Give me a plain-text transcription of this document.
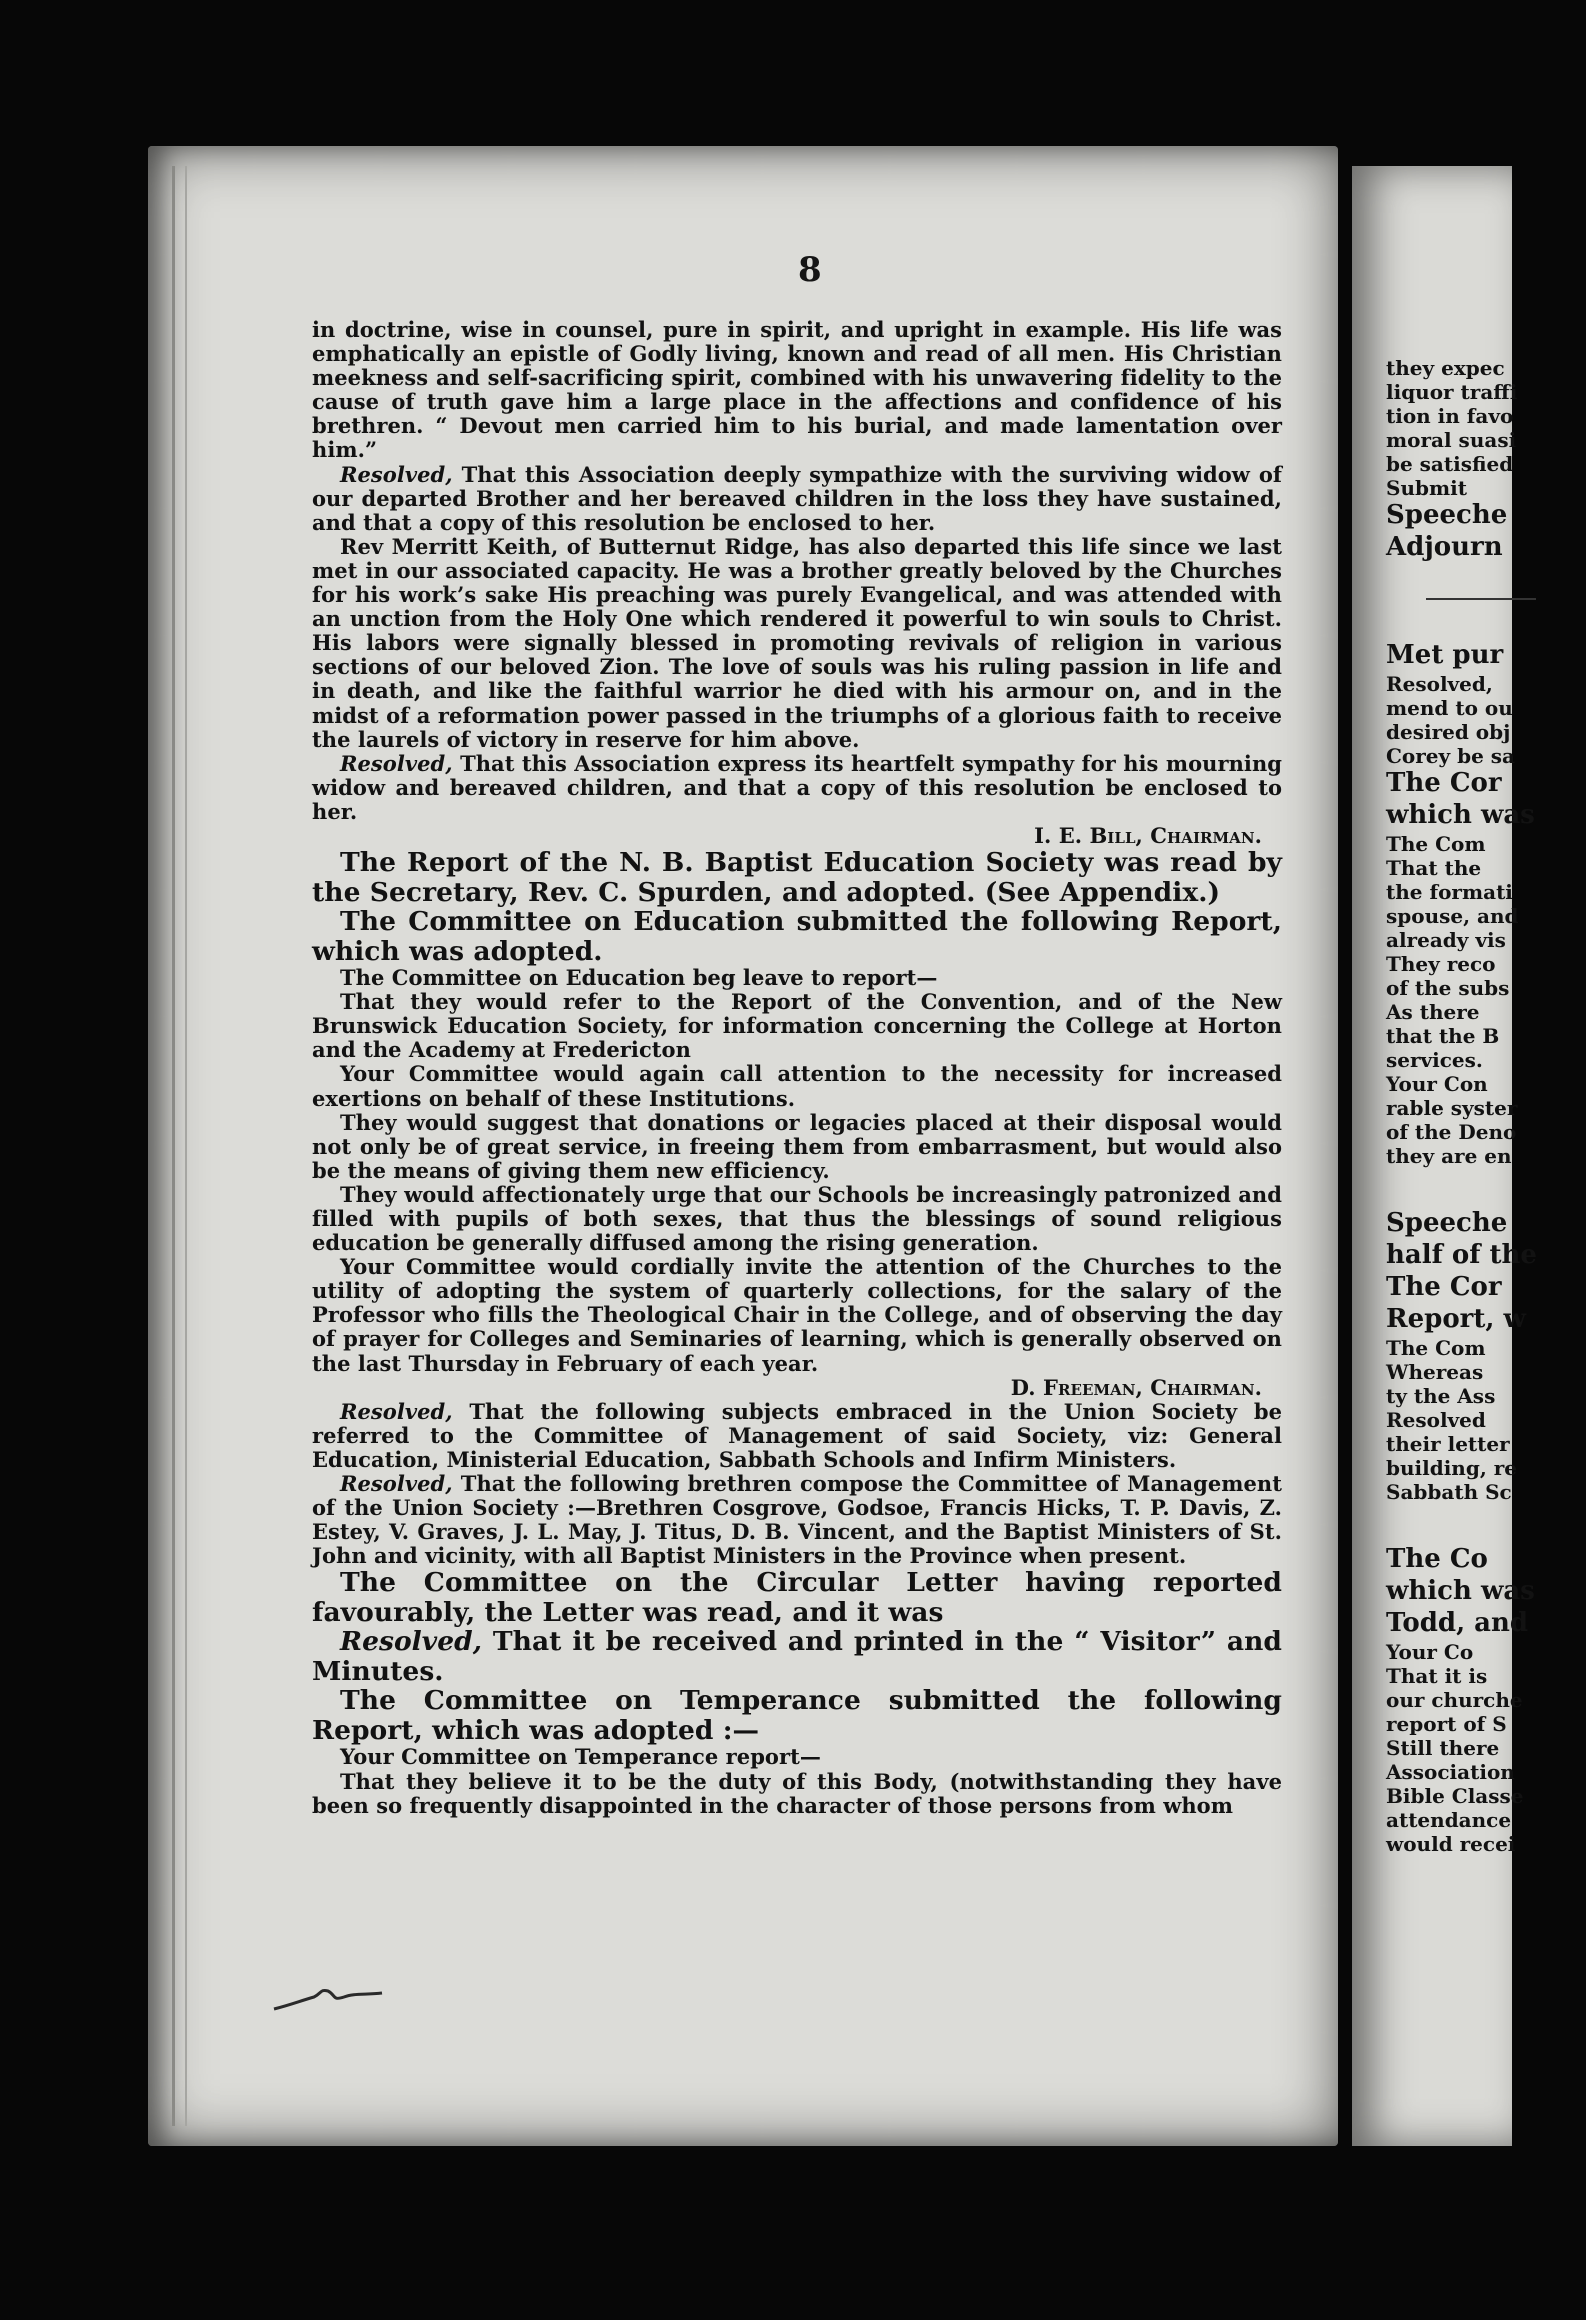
8

in doctrine, wise in counsel, pure in spirit, and upright in example. His life was emphatically an epistle of Godly living, known and read of all men. His Christian meekness and self-sacrificing spirit, combined with his unwavering fidelity to the cause of truth gave him a large place in the affections and confidence of his brethren. “ Devout men carried him to his burial, and made lamentation over him.”

Resolved, That this Association deeply sympathize with the surviving widow of our departed Brother and her bereaved children in the loss they have sustained, and that a copy of this resolution be enclosed to her.

Rev Merritt Keith, of Butternut Ridge, has also departed this life since we last met in our associated capacity. He was a brother greatly beloved by the Churches for his work’s sake His preaching was purely Evangelical, and was attended with an unction from the Holy One which rendered it powerful to win souls to Christ. His labors were signally blessed in promoting revivals of religion in various sections of our beloved Zion. The love of souls was his ruling passion in life and in death, and like the faithful warrior he died with his armour on, and in the midst of a reformation power passed in the triumphs of a glorious faith to receive the laurels of victory in reserve for him above.

Resolved, That this Association express its heartfelt sympathy for his mourning widow and bereaved children, and that a copy of this resolution be enclosed to her.

I. E. Bill, Chairman.

The Report of the N. B. Baptist Education Society was read by the Secretary, Rev. C. Spurden, and adopted. (See Appendix.)

The Committee on Education submitted the following Report, which was adopted.

The Committee on Education beg leave to report—

That they would refer to the Report of the Convention, and of the New Brunswick Education Society, for information concerning the College at Horton and the Academy at Fredericton

Your Committee would again call attention to the necessity for increased exertions on behalf of these Institutions.

They would suggest that donations or legacies placed at their disposal would not only be of great service, in freeing them from embarrasment, but would also be the means of giving them new efficiency.

They would affectionately urge that our Schools be increasingly patronized and filled with pupils of both sexes, that thus the blessings of sound religious education be generally diffused among the rising generation.

Your Committee would cordially invite the attention of the Churches to the utility of adopting the system of quarterly collections, for the salary of the Professor who fills the Theological Chair in the College, and of observing the day of prayer for Colleges and Seminaries of learning, which is generally observed on the last Thursday in February of each year.

D. Freeman, Chairman.

Resolved, That the following subjects embraced in the Union Society be referred to the Committee of Management of said Society, viz: General Education, Ministerial Education, Sabbath Schools and Infirm Ministers.

Resolved, That the following brethren compose the Committee of Management of the Union Society :—Brethren Cosgrove, Godsoe, Francis Hicks, T. P. Davis, Z. Estey, V. Graves, J. L. May, J. Titus, D. B. Vincent, and the Baptist Ministers of St. John and vicinity, with all Baptist Ministers in the Province when present.

The Committee on the Circular Letter having reported favourably, the Letter was read, and it was

Resolved, That it be received and printed in the “ Visitor” and Minutes.

The Committee on Temperance submitted the following Report, which was adopted :—

Your Committee on Temperance report—

That they believe it to be the duty of this Body, (notwithstanding they have been so frequently disappointed in the character of those persons from whom

they expec
liquor traffi
tion in favo
moral suasi
be satisfied
Submit
Speeche
Adjourn
Met pur
Resolved,
mend to ou
desired obj
Corey be sa
The Cor
which was
The Com
That the
the formati
spouse, and
already vis
They reco
of the subs
As there
that the B
services.
Your Con
rable syster
of the Deno
they are en
Speeche
half of the
The Cor
Report, w
The Com
Whereas
ty the Ass
Resolved
their letter
building, re
Sabbath Sc
The Co
which was
Todd, and
Your Co
That it is
our churche
report of S
Still there
Association
Bible Classe
attendance
would recei
